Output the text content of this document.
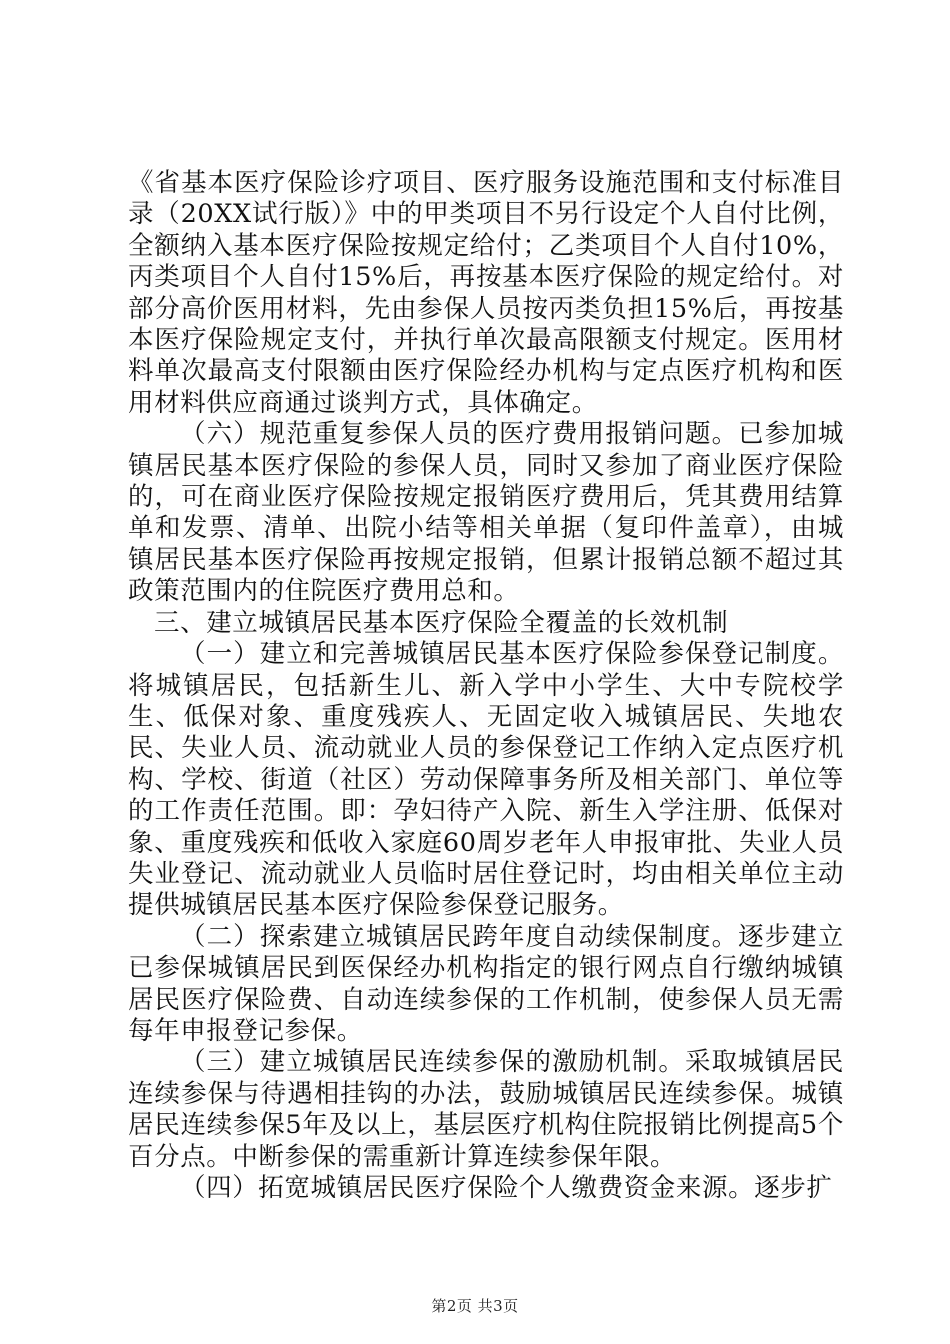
《省基本医疗保险诊疗项目、医疗服务设施范围和支付标准目录（20XX试行版）》中的甲类项目不另行设定个人自付比例，全额纳入基本医疗保险按规定给付；乙类项目个人自付10%，丙类项目个人自付15%后，再按基本医疗保险的规定给付。对部分高价医用材料，先由参保人员按丙类负担15%后，再按基本医疗保险规定支付，并执行单次最高限额支付规定。医用材料单次最高支付限额由医疗保险经办机构与定点医疗机构和医用材料供应商通过谈判方式，具体确定。

（六）规范重复参保人员的医疗费用报销问题。已参加城镇居民基本医疗保险的参保人员，同时又参加了商业医疗保险的，可在商业医疗保险按规定报销医疗费用后，凭其费用结算单和发票、清单、出院小结等相关单据（复印件盖章），由城镇居民基本医疗保险再按规定报销，但累计报销总额不超过其政策范围内的住院医疗费用总和。

三、建立城镇居民基本医疗保险全覆盖的长效机制

（一）建立和完善城镇居民基本医疗保险参保登记制度。将城镇居民，包括新生儿、新入学中小学生、大中专院校学生、低保对象、重度残疾人、无固定收入城镇居民、失地农民、失业人员、流动就业人员的参保登记工作纳入定点医疗机构、学校、街道（社区）劳动保障事务所及相关部门、单位等的工作责任范围。即：孕妇待产入院、新生入学注册、低保对象、重度残疾和低收入家庭60周岁老年人申报审批、失业人员失业登记、流动就业人员临时居住登记时，均由相关单位主动提供城镇居民基本医疗保险参保登记服务。

（二）探索建立城镇居民跨年度自动续保制度。逐步建立已参保城镇居民到医保经办机构指定的银行网点自行缴纳城镇居民医疗保险费、自动连续参保的工作机制，使参保人员无需每年申报登记参保。

（三）建立城镇居民连续参保的激励机制。采取城镇居民连续参保与待遇相挂钩的办法，鼓励城镇居民连续参保。城镇居民连续参保5年及以上，基层医疗机构住院报销比例提高5个百分点。中断参保的需重新计算连续参保年限。

（四）拓宽城镇居民医疗保险个人缴费资金来源。逐步扩

第2页 共3页
